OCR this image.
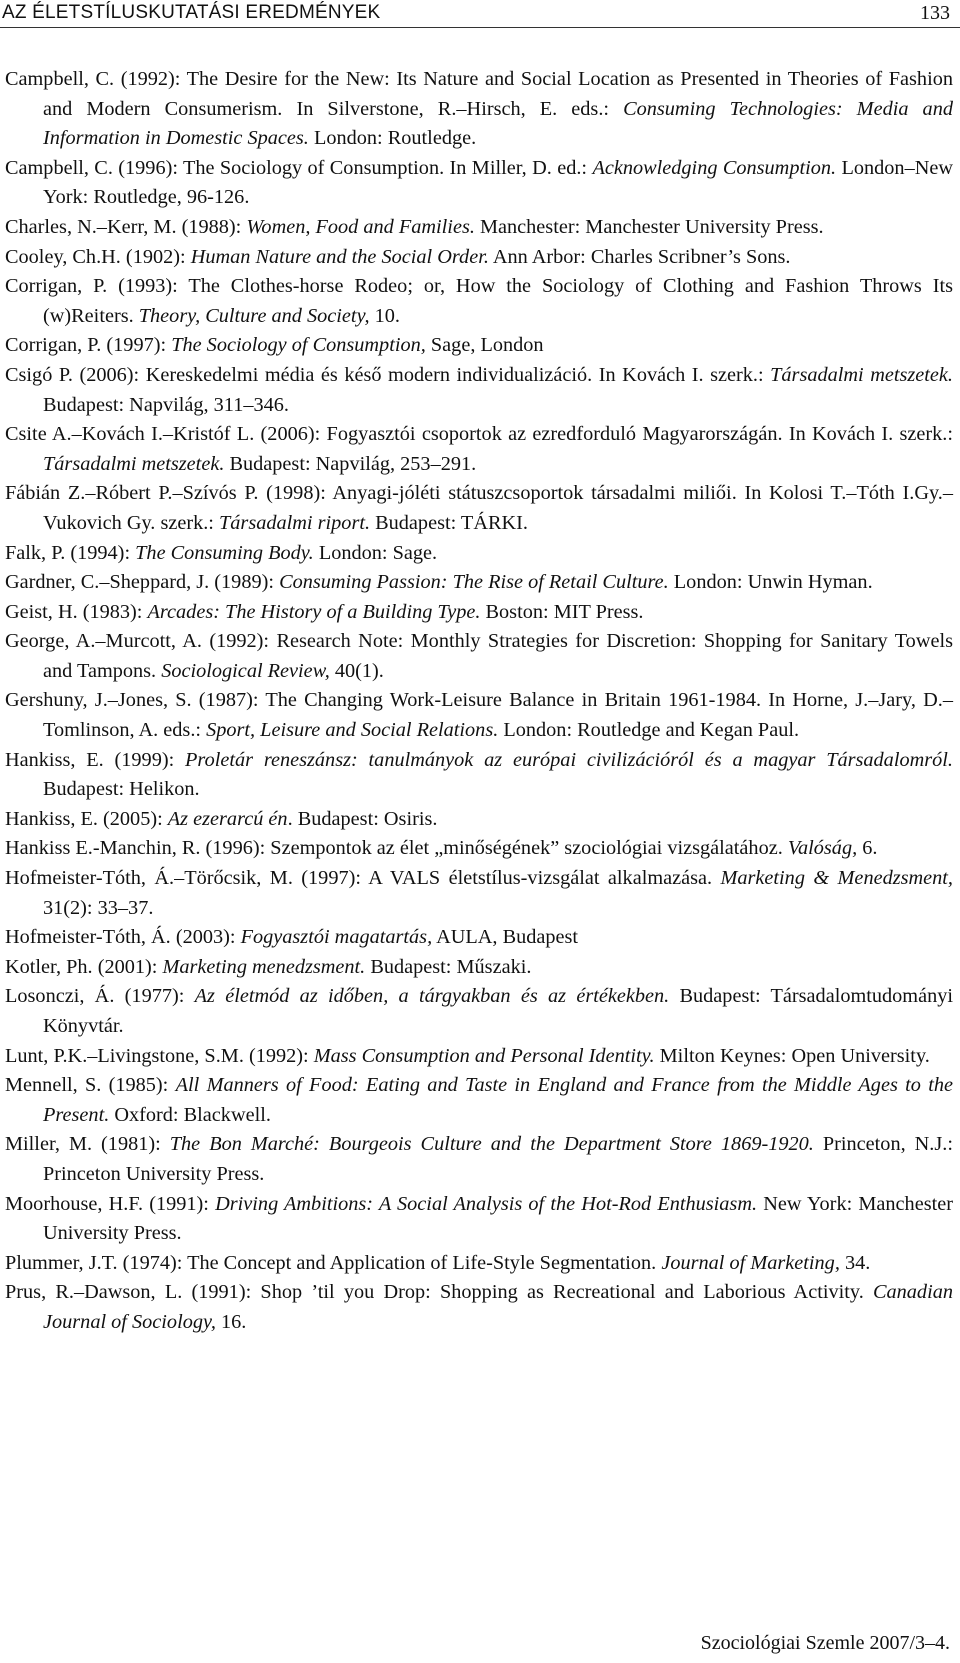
AZ ÉLETSTÍLUSKUTATÁSI EREDMÉNYEK	133
Campbell, C. (1992): The Desire for the New: Its Nature and Social Location as Presented in Theories of Fashion and Modern Consumerism. In Silverstone, R.–Hirsch, E. eds.: Consuming Technologies: Media and Information in Domestic Spaces. London: Routledge.
Campbell, C. (1996): The Sociology of Consumption. In Miller, D. ed.: Acknowledging Consumption. London–New York: Routledge, 96-126.
Charles, N.–Kerr, M. (1988): Women, Food and Families. Manchester: Manchester University Press.
Cooley, Ch.H. (1902): Human Nature and the Social Order. Ann Arbor: Charles Scribner’s Sons.
Corrigan, P. (1993): The Clothes-horse Rodeo; or, How the Sociology of Clothing and Fashion Throws Its (w)Reiters. Theory, Culture and Society, 10.
Corrigan, P. (1997): The Sociology of Consumption, Sage, London
Csigó P. (2006): Kereskedelmi média és késő modern individualizáció. In Kovách I. szerk.: Társadalmi metszetek. Budapest: Napvilág, 311–346.
Csite A.–Kovách I.–Kristóf L. (2006): Fogyasztói csoportok az ezredforduló Magyarországán. In Kovách I. szerk.: Társadalmi metszetek. Budapest: Napvilág, 253–291.
Fábián Z.–Róbert P.–Szívós P. (1998): Anyagi-jóléti státuszcsoportok társadalmi miliői. In Kolosi T.–Tóth I.Gy.–Vukovich Gy. szerk.: Társadalmi riport. Budapest: TÁRKI.
Falk, P. (1994): The Consuming Body. London: Sage.
Gardner, C.–Sheppard, J. (1989): Consuming Passion: The Rise of Retail Culture. London: Unwin Hyman.
Geist, H. (1983): Arcades: The History of a Building Type. Boston: MIT Press.
George, A.–Murcott, A. (1992): Research Note: Monthly Strategies for Discretion: Shopping for Sanitary Towels and Tampons. Sociological Review, 40(1).
Gershuny, J.–Jones, S. (1987): The Changing Work-Leisure Balance in Britain 1961-1984. In Horne, J.–Jary, D.–Tomlinson, A. eds.: Sport, Leisure and Social Relations. London: Routledge and Kegan Paul.
Hankiss, E. (1999): Proletár reneszánsz: tanulmányok az európai civilizációról és a magyar Társadalomról. Budapest: Helikon.
Hankiss, E. (2005): Az ezerarcú én. Budapest: Osiris.
Hankiss E.-Manchin, R. (1996): Szempontok az élet „minőségének” szociológiai vizsgálatához. Valóság, 6.
Hofmeister-Tóth, Á.–Törőcsik, M. (1997): A VALS életstílus-vizsgálat alkalmazása. Marketing & Menedzsment, 31(2): 33–37.
Hofmeister-Tóth, Á. (2003): Fogyasztói magatartás, AULA, Budapest
Kotler, Ph. (2001): Marketing menedzsment. Budapest: Műszaki.
Losonczi, Á. (1977): Az életmód az időben, a tárgyakban és az értékekben. Budapest: Társadalomtudományi Könyvtár.
Lunt, P.K.–Livingstone, S.M. (1992): Mass Consumption and Personal Identity. Milton Keynes: Open University.
Mennell, S. (1985): All Manners of Food: Eating and Taste in England and France from the Middle Ages to the Present. Oxford: Blackwell.
Miller, M. (1981): The Bon Marché: Bourgeois Culture and the Department Store 1869-1920. Princeton, N.J.: Princeton University Press.
Moorhouse, H.F. (1991): Driving Ambitions: A Social Analysis of the Hot-Rod Enthusiasm. New York: Manchester University Press.
Plummer, J.T. (1974): The Concept and Application of Life-Style Segmentation. Journal of Marketing, 34.
Prus, R.–Dawson, L. (1991): Shop ’til you Drop: Shopping as Recreational and Laborious Activity. Canadian Journal of Sociology, 16.
Szociológiai Szemle 2007/3–4.
